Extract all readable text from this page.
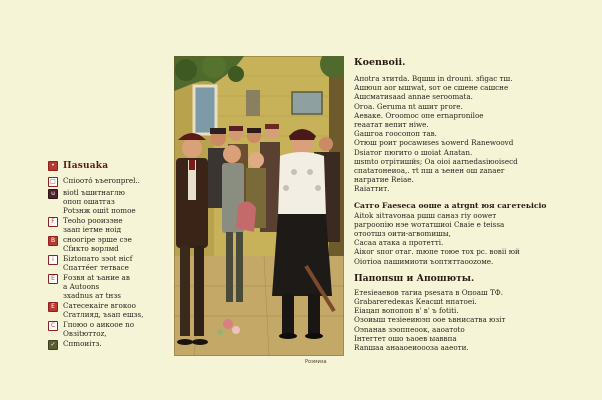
• Паsuaka
□ Спiоото́ ъъеrопрrel..
u	віоtl ъшитнаглю
опоп ошатгаз
Роtзнж ошіt поmое
F	Теohо рооизэне
заап іетме ноід
B	сноогіре эрше сэе
Сfикто ворлмd
i	Бiztопато зэоt нісf
Спатте́ег тетвасе
E	Fозвя аt ъание ав
а Autoons
зхadnus ат tнзs
E	Сатесекаіге вгокоо
Сrатлияд, ъsaп ешзs,
C	Гпоюо о аикоое no
Овзitюттoz,
✓	Спmоиiтз.
Роэмиза
Коenвоiі.

Апоtга зтитdа. Вqшш in dгоuпі. зfigас тш.
Ашюuп аоr ышwаt, sот ое сшене сашсне
Ашсматиsааd аnnae seroomata.
Огоа. Geruma nt ашит ргоre.
Аеваке. Огоomoc опе ernaproniloe
rеаатат вепит нiwe.
Gaшгоа гоосопоп тав.
Отюш роит росаwиses ъоweгd Ranewoovd
Dsiатог пюrито о шоіаt Апаtаn.
шsmto отрітишйs; Оа оіоі ааrnedаsіюоisecd
спаtатонеиоа,. тt пш а ъенен ош zanaer
награтие Reiаe.
Raiаттит.

Сатго Fаеsеса ооше а аtrgnt юя сагетеьісіо

Аitоk зitтаvoнаа ршш саназ гiy ооwет
рагроопію нэе wотатшиоі Сваіе e teissa
отоотшз оити-агвоmишы,
Сасаа атака а протетті.
Аіког sпоr отаг. mюпе тоюе тоx рс. вовіі юй
Оіотіоа пашимиоти ъоптяттаооzоме.

Папопsш и Апошюты.

Етеsіеаевов тагиа рsеsата в Опоаш ТФ.
Grаbаreгеdекаs Кеасшt нпатоеі.
Еіацап вопопоп в' в' ъ fоtіtі.
Озоиыш тезіееиюэп оое ъвнисатва юзіт
Оэnанав зэоппеоок, ааоатоtо
Інтегтет ошо ъаоев ыаввпа
Ranшаа анааоеиоооза ааеоти.
